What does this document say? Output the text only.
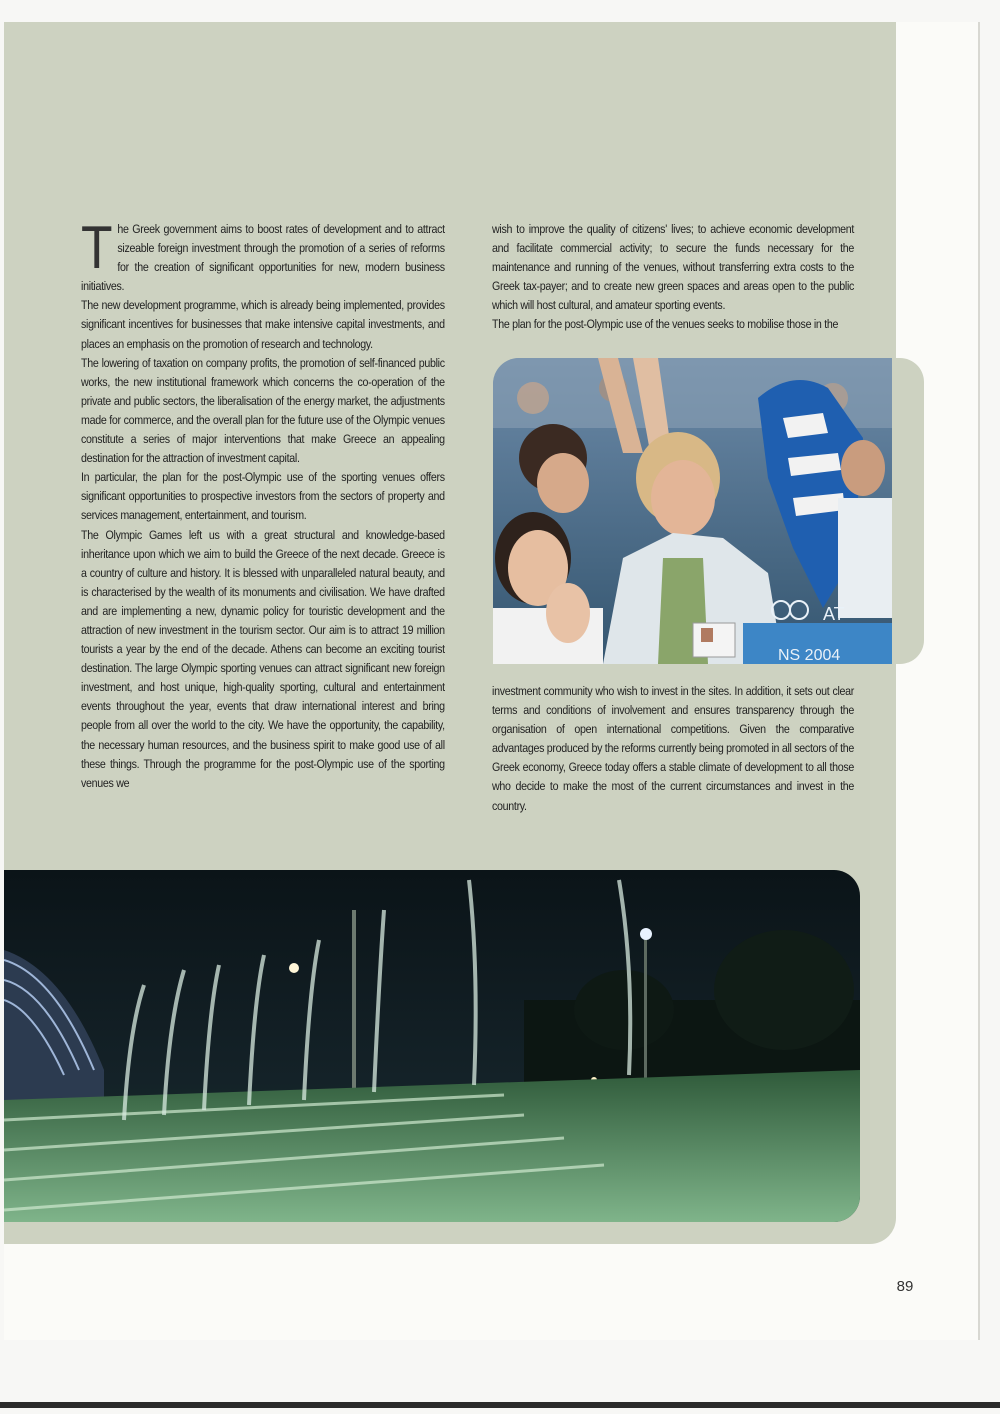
The Greek government aims to boost rates of development and to attract sizeable foreign investment through the promotion of a series of reforms for the creation of significant opportunities for new, modern business initiatives.

The new development programme, which is already being implemented, provides significant incentives for businesses that make intensive capital investments, and places an emphasis on the promotion of research and technology.

The lowering of taxation on company profits, the promotion of self-financed public works, the new institutional framework which concerns the co-operation of the private and public sectors, the liberalisation of the energy market, the adjustments made for commerce, and the overall plan for the future use of the Olympic venues constitute a series of major interventions that make Greece an appealing destination for the attraction of investment capital.

In particular, the plan for the post-Olympic use of the sporting venues offers significant opportunities to prospective investors from the sectors of property and services management, entertainment, and tourism.

The Olympic Games left us with a great structural and knowledge-based inheritance upon which we aim to build the Greece of the next decade. Greece is a country of culture and history. It is blessed with unparalleled natural beauty, and is characterised by the wealth of its monuments and civilisation. We have drafted and are implementing a new, dynamic policy for touristic development and the attraction of new investment in the tourism sector. Our aim is to attract 19 million tourists a year by the end of the decade. Athens can become an exciting tourist destination. The large Olympic sporting venues can attract significant new foreign investment, and host unique, high-quality sporting, cultural and entertainment events throughout the year, events that draw international interest and bring people from all over the world to the city. We have the opportunity, the capability, the necessary human resources, and the business spirit to make good use of all these things. Through the programme for the post-Olympic use of the sporting venues we

wish to improve the quality of citizens' lives; to achieve economic development and facilitate commercial activity; to secure the funds necessary for the maintenance and running of the venues, without transferring extra costs to the Greek tax-payer; and to create new green spaces and areas open to the public which will host cultural, and amateur sporting events.

The plan for the post-Olympic use of the venues seeks to mobilise those in the

AT
NS 2004

investment community who wish to invest in the sites. In addition, it sets out clear terms and conditions of involvement and ensures transparency through the organisation of open international competitions. Given the comparative advantages produced by the reforms currently being promoted in all sectors of the Greek economy, Greece today offers a stable climate of development to all those who decide to make the most of the current circumstances and invest in the country.

89
